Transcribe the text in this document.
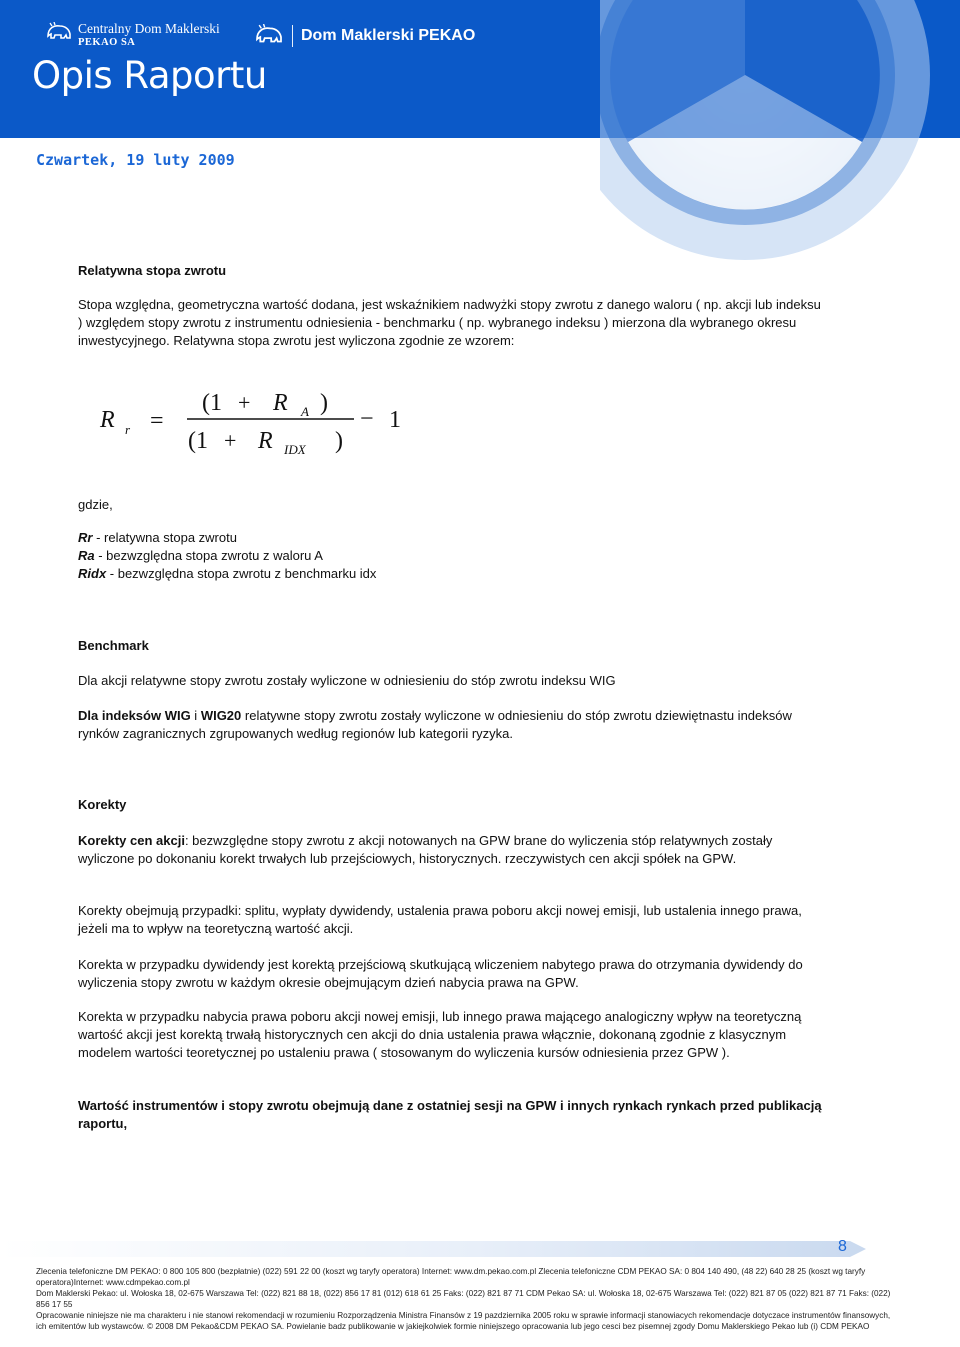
Centralny Dom Maklerski
PEKAO SA	Dom Maklerski PEKAO
Opis Raportu
Czwartek, 19 luty 2009

Relatywna stopa zwrotu

Stopa względna, geometryczna wartość dodana, jest wskaźnikiem nadwyżki stopy zwrotu z danego waloru ( np. akcji lub indeksu ) względem stopy zwrotu z instrumentu odniesienia - benchmarku ( np. wybranego indeksu ) mierzona dla wybranego okresu inwestycyjnego. Relatywna stopa zwrotu jest wyliczona zgodnie ze wzorem:

gdzie,

Rr - relatywna stopa zwrotu

Ra - bezwzględna stopa zwrotu z waloru A

Ridx - bezwzględna stopa zwrotu z benchmarku idx

Benchmark

Dla akcji relatywne stopy zwrotu zostały wyliczone w odniesieniu do stóp zwrotu indeksu WIG

Dla indeksów WIG i WIG20 relatywne stopy zwrotu zostały wyliczone w odniesieniu do stóp zwrotu dziewiętnastu indeksów rynków zagranicznych zgrupowanych według regionów lub kategorii ryzyka.

Korekty

Korekty cen akcji: bezwzględne stopy zwrotu z akcji notowanych na GPW brane do wyliczenia stóp relatywnych zostały wyliczone po dokonaniu korekt trwałych lub przejściowych, historycznych. rzeczywistych cen akcji spółek na GPW.

Korekty obejmują przypadki: splitu, wypłaty dywidendy, ustalenia prawa poboru akcji nowej emisji, lub ustalenia innego prawa, jeżeli ma to wpływ na teoretyczną wartość akcji.

Korekta w przypadku dywidendy jest korektą przejściową skutkującą wliczeniem nabytego prawa do otrzymania dywidendy do wyliczenia stopy zwrotu w każdym okresie obejmującym dzień nabycia prawa na GPW.

Korekta w przypadku nabycia prawa poboru akcji nowej emisji, lub innego prawa mającego analogiczny wpływ na teoretyczną wartość akcji jest korektą trwałą historycznych cen akcji do dnia ustalenia prawa włącznie, dokonaną zgodnie z klasycznym modelem wartości teoretycznej po ustaleniu prawa ( stosowanym do wyliczenia kursów odniesienia przez GPW ).

Wartość instrumentów i stopy zwrotu obejmują dane z ostatniej sesji na GPW i innych rynkach rynkach przed publikacją raportu,

R r =
(1 + R A )
(1 + R IDX )
− 1
8

Zlecenia telefoniczne DM PEKAO: 0 800 105 800 (bezpłatnie) (022) 591 22 00 (koszt wg taryfy operatora) Internet: www.dm.pekao.com.pl Zlecenia telefoniczne CDM PEKAO SA: 0 804 140 490, (48 22) 640 28 25 (koszt wg taryfy operatora)Internet: www.cdmpekao.com.pl

Dom Maklerski Pekao: ul. Wołoska 18, 02-675 Warszawa Tel: (022) 821 88 18, (022) 856 17 81 (012) 618 61 25 Faks: (022) 821 87 71 CDM Pekao SA: ul. Wołoska 18, 02-675 Warszawa Tel: (022) 821 87 05 (022) 821 87 71 Faks: (022) 856 17 55

Opracowanie niniejsze nie ma charakteru i nie stanowi rekomendacji w rozumieniu Rozporządzenia Ministra Finansów z 19 pazdziernika 2005 roku w sprawie informacji stanowiacych rekomendacje dotyczace instrumentów finansowych, ich emitentów lub wystawców. © 2008 DM Pekao&CDM PEKAO SA. Powielanie badz publikowanie w jakiejkolwiek formie niniejszego opracowania lub jego cesci bez pisemnej zgody Domu Maklerskiego Pekao lub (i) CDM PEKAO
